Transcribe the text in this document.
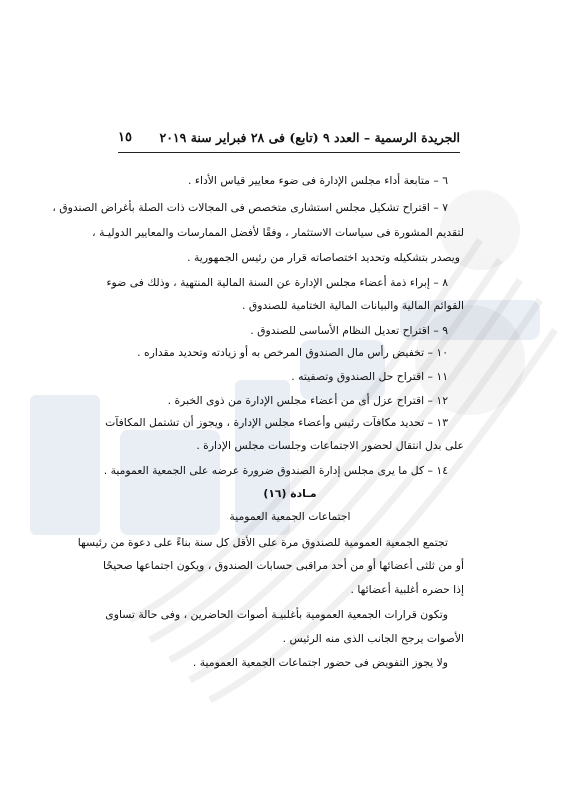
الجريدة الرسمية – العدد ٩ (تابع) فى ٢٨ فبراير سنة ٢٠١٩
١٥
٦ – متابعة أداء مجلس الإدارة فى ضوء معايير قياس الأداء .
٧ – اقتراح تشكيل مجلس استشارى متخصص فى المجالات ذات الصلة بأغراض الصندوق ،
لتقديم المشورة فى سياسات الاستثمار ، وفقًا لأفضل الممارسات والمعايير الدوليـة ،
ويصدر بتشكيله وتحديد اختصاصاته قرار من رئيس الجمهورية .
٨ – إبراء ذمة أعضاء مجلس الإدارة عن السنة المالية المنتهية ، وذلك فى ضوء
القوائم المالية والبيانات المالية الختامية للصندوق .
٩ – اقتراح تعديل النظام الأساسى للصندوق .
١٠ – تخفيض رأس مال الصندوق المرخص به أو زيادته وتحديد مقداره .
١١ – اقتراح حل الصندوق وتصفيته .
١٢ – اقتراح عزل أى من أعضاء مجلس الإدارة من ذوى الخبرة .
١٣ – تحديد مكافآت رئيس وأعضاء مجلس الإدارة ، ويجوز أن تشتمل المكافآت
على بدل انتقال لحضور الاجتماعات وجلسات مجلس الإدارة .
١٤ – كل ما يرى مجلس إدارة الصندوق ضرورة عرضه على الجمعية العمومية .
مـادة (١٦)
اجتماعات الجمعية العمومية
تجتمع الجمعية العمومية للصندوق مرة على الأقل كل سنة بناءً على دعوة من رئيسها
أو من ثلثى أعضائها أو من أحد مراقبى حسابات الصندوق ، ويكون اجتماعها صحيحًا
إذا حضره أغلبية أعضائها .
وتكون قرارات الجمعية العمومية بأغلبيـة أصوات الحاضرين ، وفى حالة تساوى
الأصوات يرجح الجانب الذى منه الرئيس .
ولا يجوز التفويض فى حضور اجتماعات الجمعية العمومية .
